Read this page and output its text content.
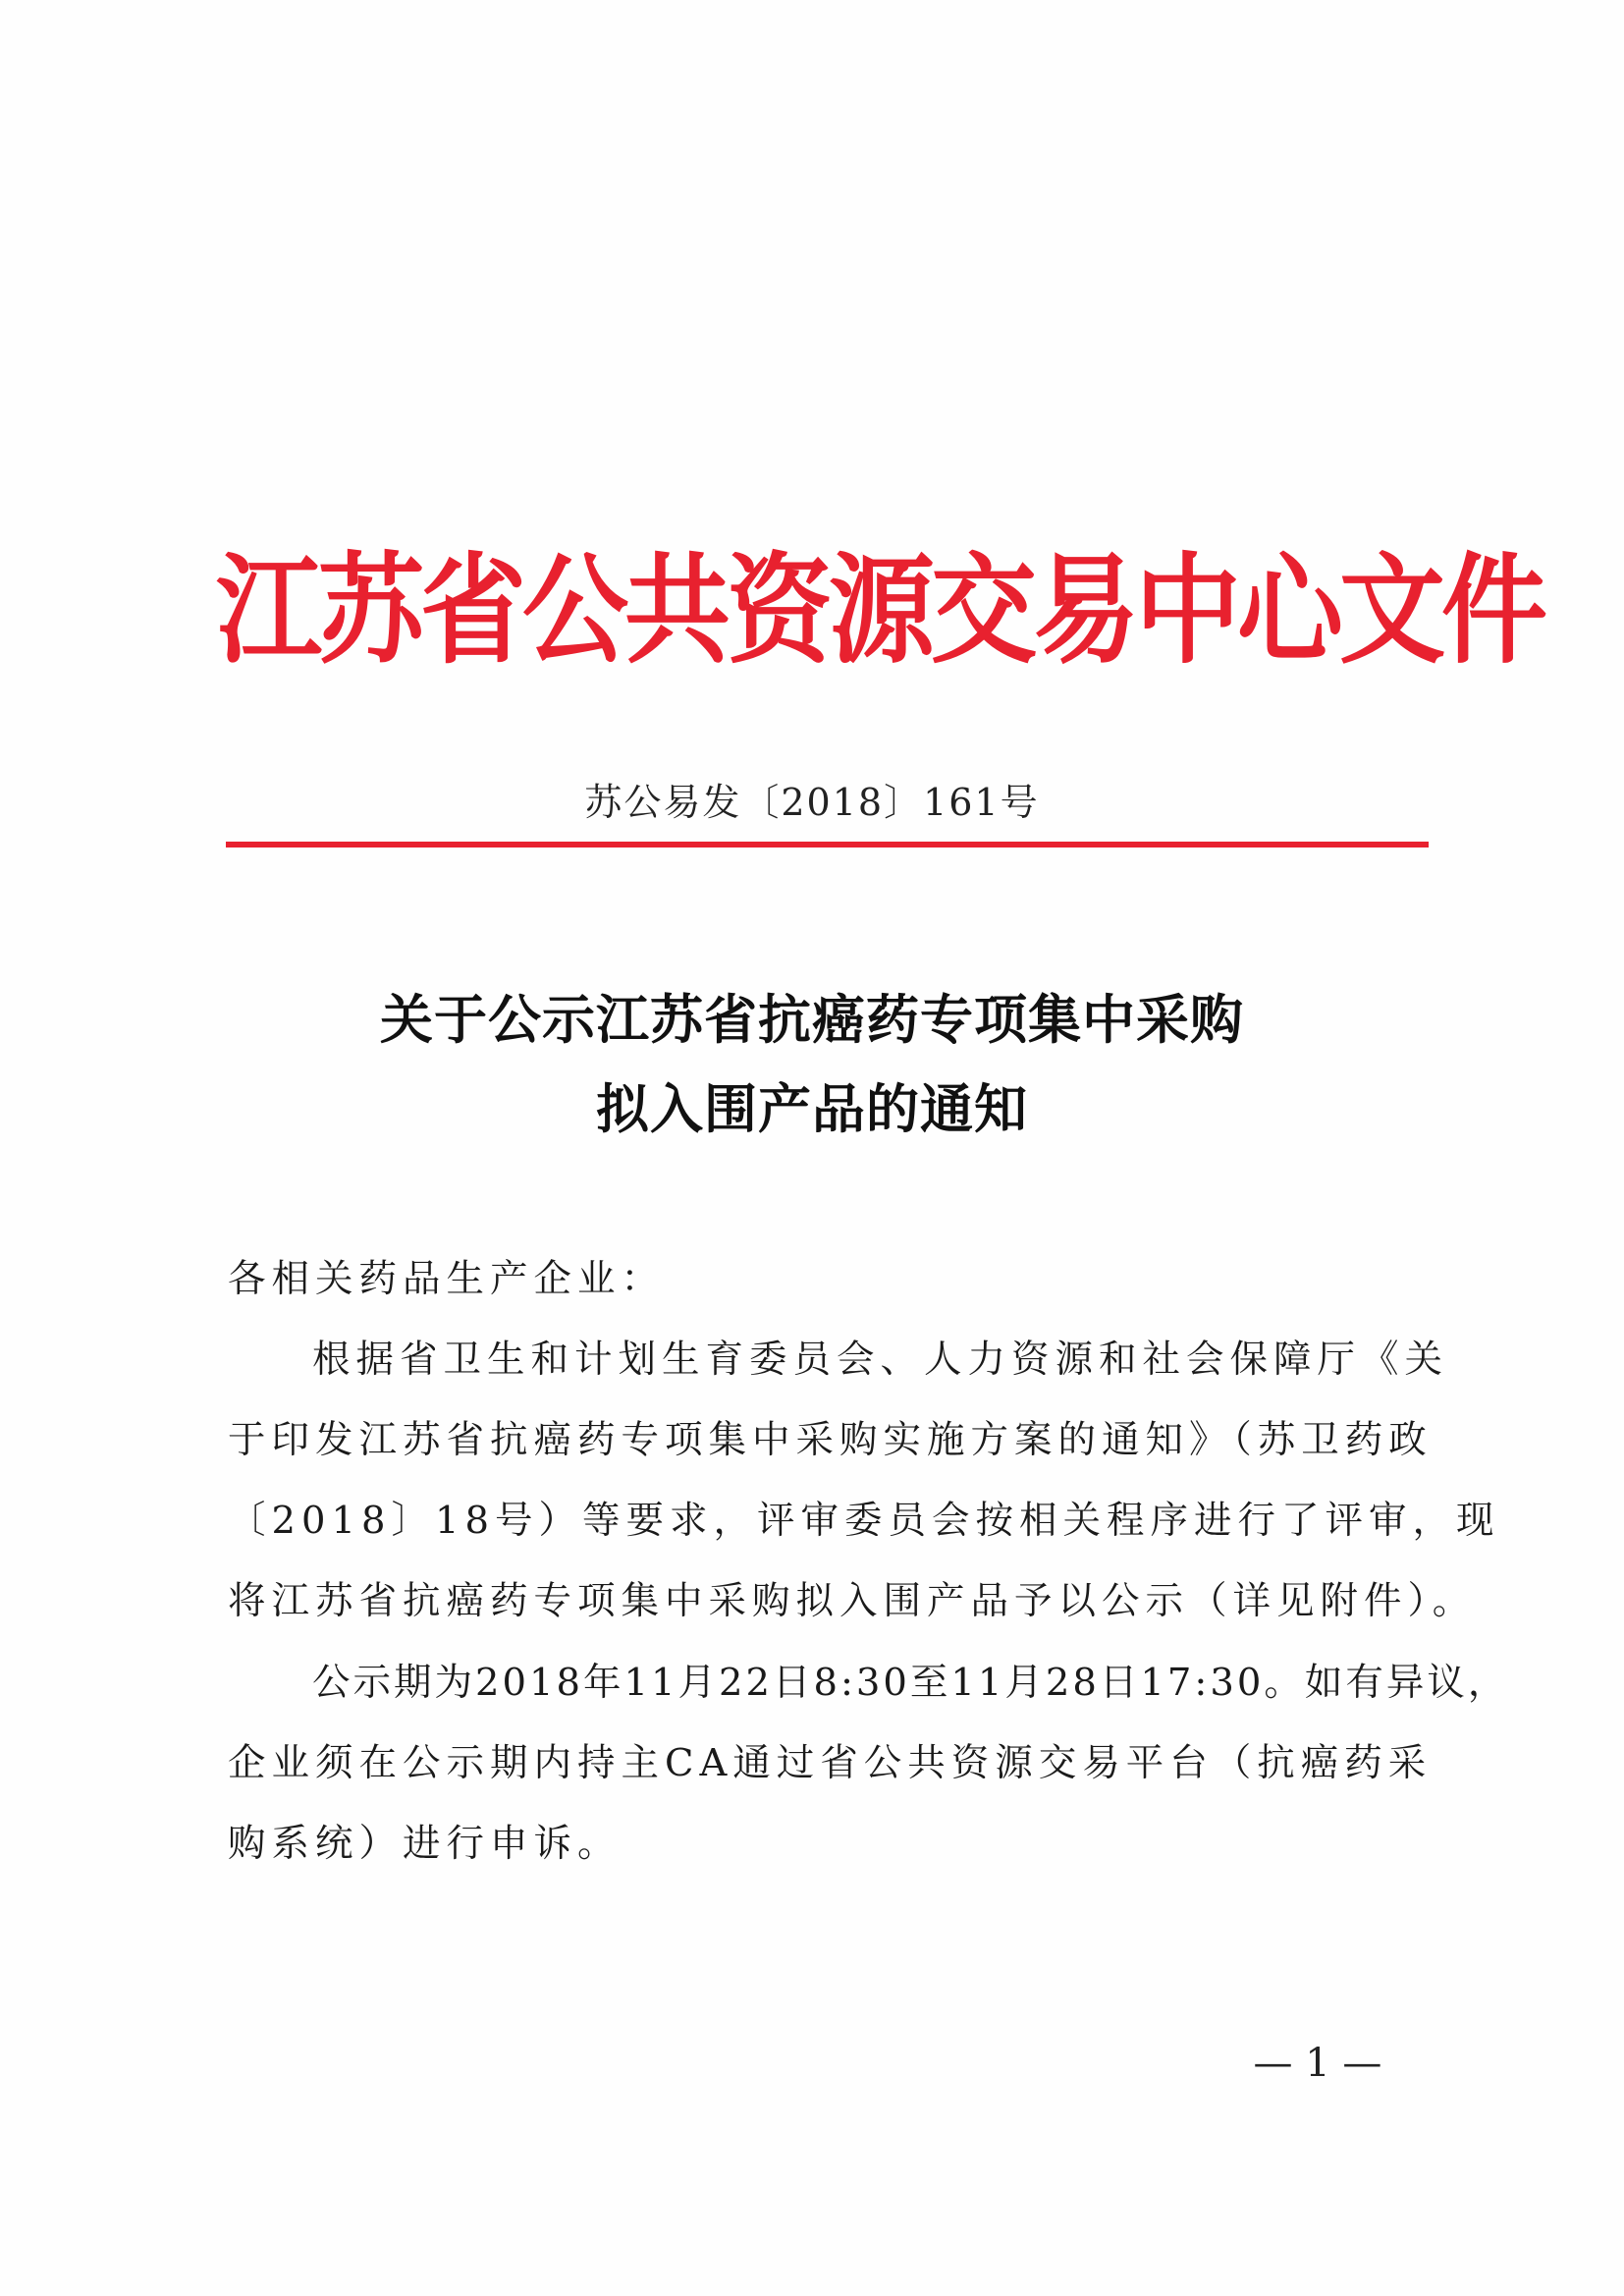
江苏省公共资源交易中心文件
苏公易发〔2018〕161号
关于公示江苏省抗癌药专项集中采购
拟入围产品的通知
各相关药品生产企业：
根据省卫生和计划生育委员会、人力资源和社会保障厅《关
于印发江苏省抗癌药专项集中采购实施方案的通知》（苏卫药政
〔2018〕18号）等要求，评审委员会按相关程序进行了评审，现
将江苏省抗癌药专项集中采购拟入围产品予以公示（详见附件）。
公示期为2018年11月22日8:30至11月28日17:30。如有异议，
企业须在公示期内持主CA通过省公共资源交易平台（抗癌药采
购系统）进行申诉。
— 1 —
